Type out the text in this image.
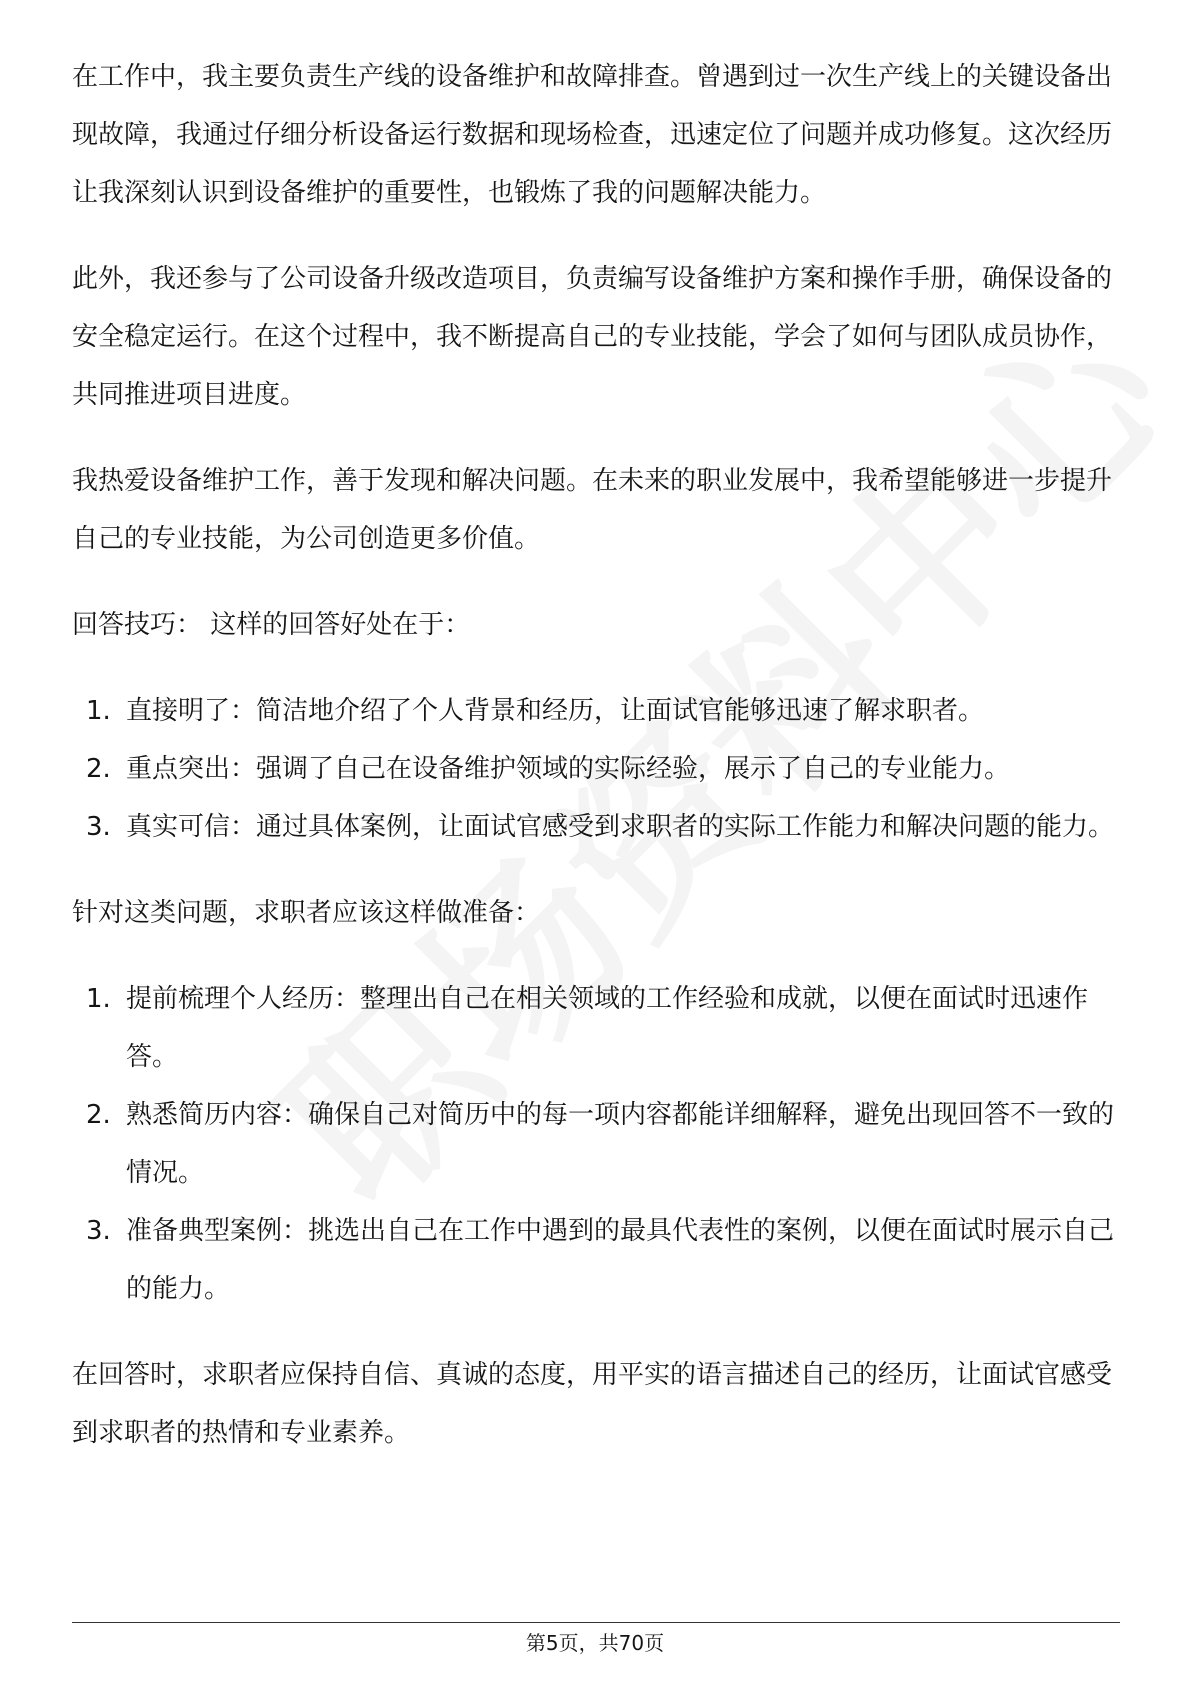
在工作中，我主要负责生产线的设备维护和故障排查。曾遇到过一次生产线上的关键设备出现故障，我通过仔细分析设备运行数据和现场检查，迅速定位了问题并成功修复。这次经历让我深刻认识到设备维护的重要性，也锻炼了我的问题解决能力。

此外，我还参与了公司设备升级改造项目，负责编写设备维护方案和操作手册，确保设备的安全稳定运行。在这个过程中，我不断提高自己的专业技能，学会了如何与团队成员协作，共同推进项目进度。

我热爱设备维护工作，善于发现和解决问题。在未来的职业发展中，我希望能够进一步提升自己的专业技能，为公司创造更多价值。

回答技巧： 这样的回答好处在于：

1. 直接明了：简洁地介绍了个人背景和经历，让面试官能够迅速了解求职者。
2. 重点突出：强调了自己在设备维护领域的实际经验，展示了自己的专业能力。
3. 真实可信：通过具体案例，让面试官感受到求职者的实际工作能力和解决问题的能力。

针对这类问题，求职者应该这样做准备：

1. 提前梳理个人经历：整理出自己在相关领域的工作经验和成就，以便在面试时迅速作答。
2. 熟悉简历内容：确保自己对简历中的每一项内容都能详细解释，避免出现回答不一致的情况。
3. 准备典型案例：挑选出自己在工作中遇到的最具代表性的案例，以便在面试时展示自己的能力。

在回答时，求职者应保持自信、真诚的态度，用平实的语言描述自己的经历，让面试官感受到求职者的热情和专业素养。

第5页，共70页
